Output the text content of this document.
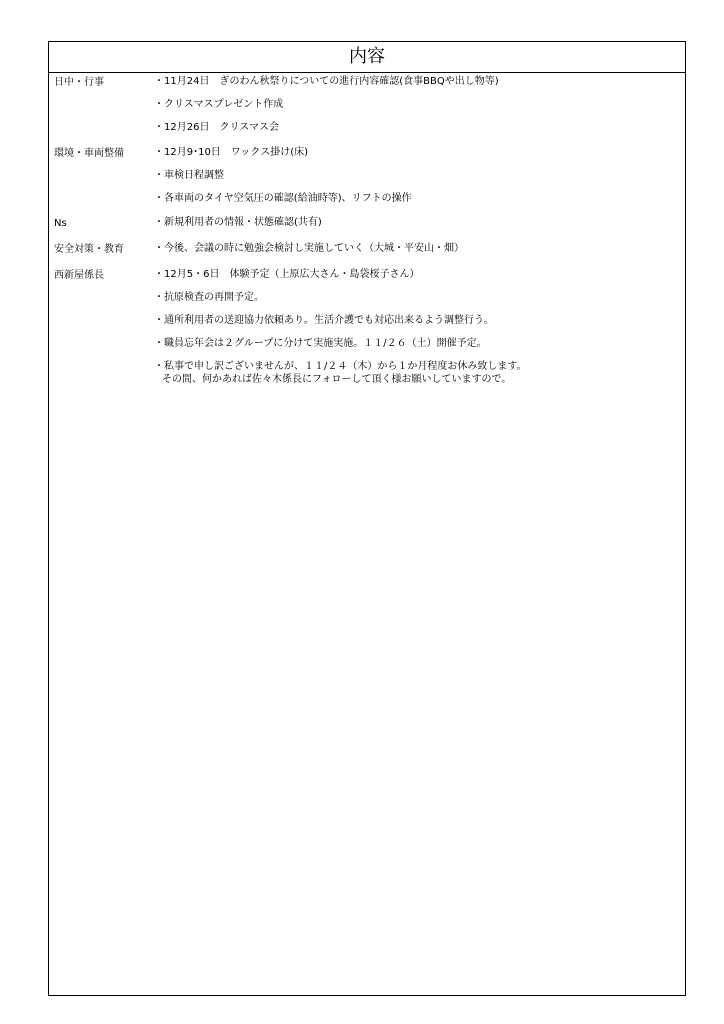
内容
日中・行事	・11月24日　ぎのわん秋祭りについての進行内容確認(食事BBQや出し物等)
・クリスマスプレゼント作成
・12月26日　クリスマス会
環境・車両整備	・12月9･10日　ワックス掛け(床)
・車検日程調整
・各車両のタイヤ空気圧の確認(給油時等)、リフトの操作
Ns	・新規利用者の情報・状態確認(共有)
安全対策・教育	・今後、会議の時に勉強会検討し実施していく（大城・平安山・畑）
西新屋係長	・12月5・6日　体験予定（上原広大さん・島袋桜子さん）
・抗原検査の再開予定。
・通所利用者の送迎協力依頼あり。生活介護でも対応出来るよう調整行う。
・職員忘年会は２グループに分けて実施実施。１１/２６（土）開催予定。
・私事で申し訳ございませんが、１１/２４（木）から１か月程度お休み致します。
その間、何かあれば佐々木係長にフォローして頂く様お願いしていますので。
